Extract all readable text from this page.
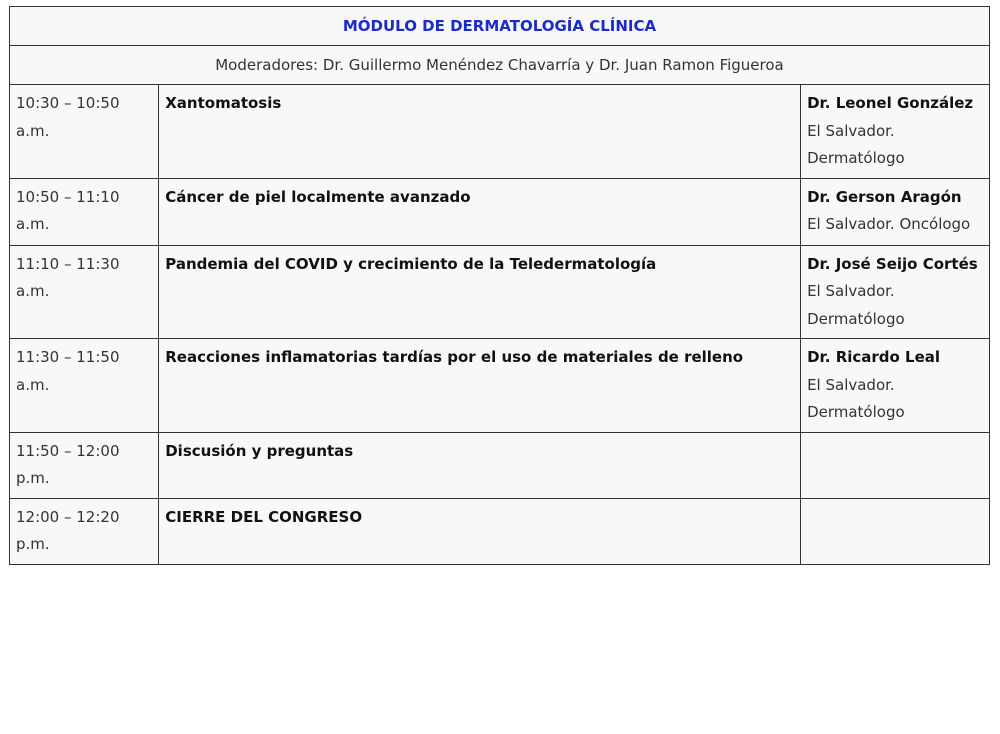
MÓDULO DE DERMATOLOGÍA CLÍNICA		
Moderadores: Dr. Guillermo Menéndez Chavarría y Dr. Juan Ramon Figueroa		
10:30 – 10:50 a.m.	Xantomatosis	Dr. Leonel González
El Salvador. Dermatólogo

10:50 – 11:10 a.m.	Cáncer de piel localmente avanzado	Dr. Gerson Aragón
El Salvador. Oncólogo

11:10 – 11:30 a.m.	Pandemia del COVID y crecimiento de la Teledermatología	Dr. José Seijo Cortés
El Salvador. Dermatólogo

11:30 – 11:50 a.m.	Reacciones inflamatorias tardías por el uso de materiales de relleno	Dr. Ricardo Leal
El Salvador. Dermatólogo

11:50 – 12:00 p.m.	Discusión y preguntas	
12:00 – 12:20 p.m.	CIERRE DEL CONGRESO	
